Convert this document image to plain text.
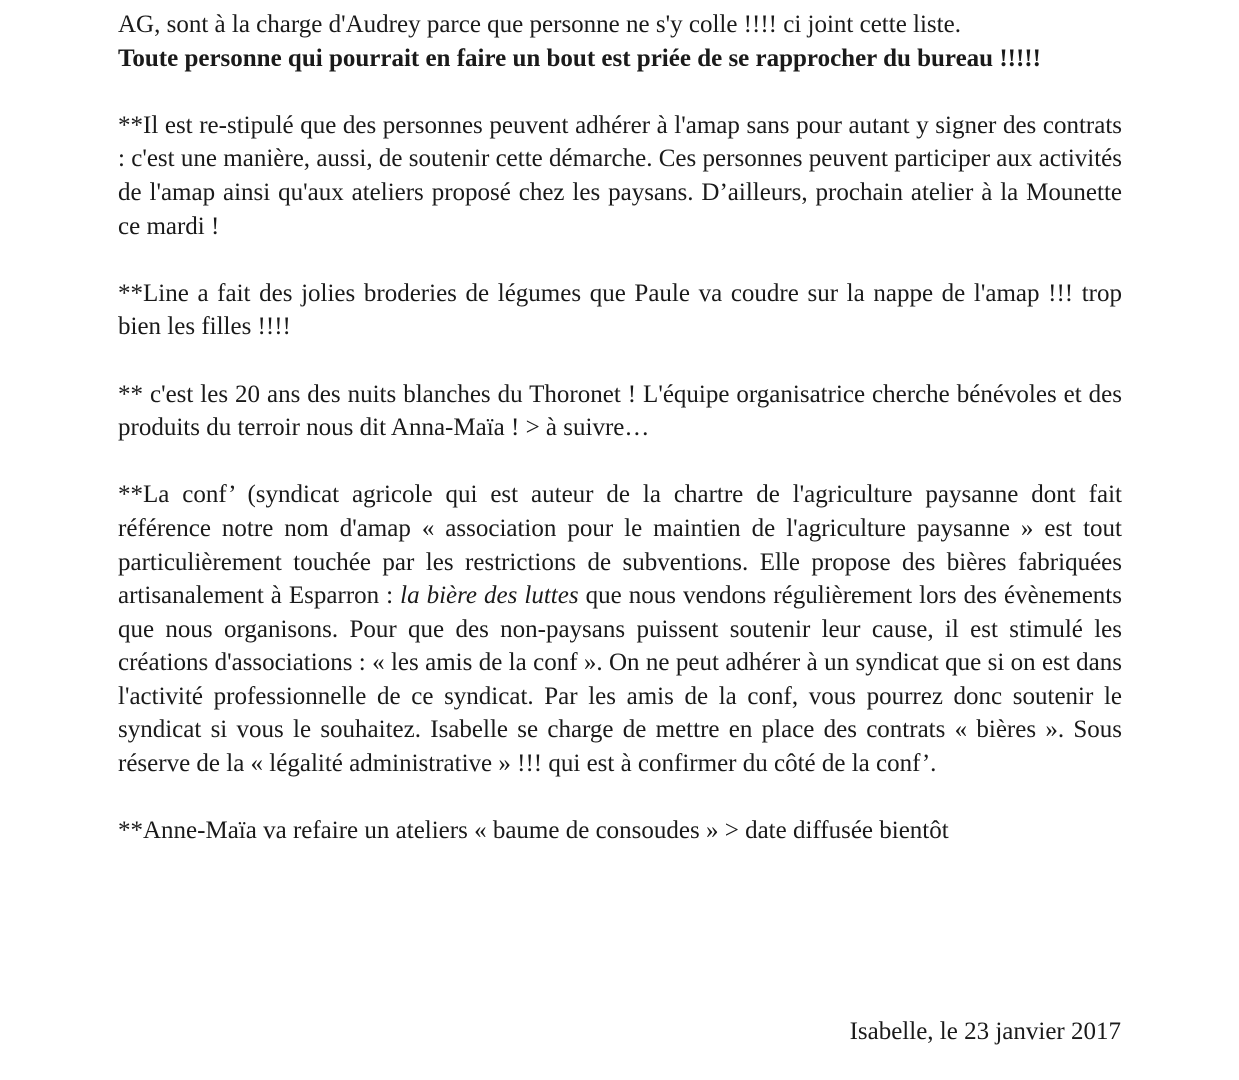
AG, sont à la charge d'Audrey parce que personne ne s'y colle !!!! ci joint cette liste.
Toute personne qui pourrait en faire un bout est priée de se rapprocher du bureau !!!!!

**Il est re-stipulé que des personnes peuvent adhérer à l'amap sans pour autant y signer des contrats : c'est une manière, aussi, de soutenir cette démarche. Ces personnes peuvent participer aux activités de l'amap ainsi qu'aux ateliers proposé chez les paysans. D’ailleurs, prochain atelier à la Mounette ce mardi !

**Line a fait des jolies broderies de légumes que Paule va coudre sur la nappe de l'amap !!! trop bien les filles !!!!

** c'est les 20 ans des nuits blanches du Thoronet ! L'équipe organisatrice cherche bénévoles et des produits du terroir nous dit Anna-Maïa ! > à suivre…

**La conf’ (syndicat agricole qui est auteur de la chartre de l'agriculture paysanne dont fait référence notre nom d'amap « association pour le maintien de l'agriculture paysanne » est tout particulièrement touchée par les restrictions de subventions. Elle propose des bières fabriquées artisanalement à Esparron : la bière des luttes que nous vendons régulièrement lors des évènements que nous organisons. Pour que des non-paysans puissent soutenir leur cause, il est stimulé les créations d'associations : « les amis de la conf ». On ne peut adhérer à un syndicat que si on est dans l'activité professionnelle de ce syndicat. Par les amis de la conf, vous pourrez donc soutenir le syndicat si vous le souhaitez. Isabelle se charge de mettre en place des contrats « bières ». Sous réserve de la « légalité administrative » !!! qui est à confirmer du côté de la conf’.

**Anne-Maïa va refaire un ateliers « baume de consoudes » > date diffusée bientôt

Isabelle, le 23 janvier 2017
